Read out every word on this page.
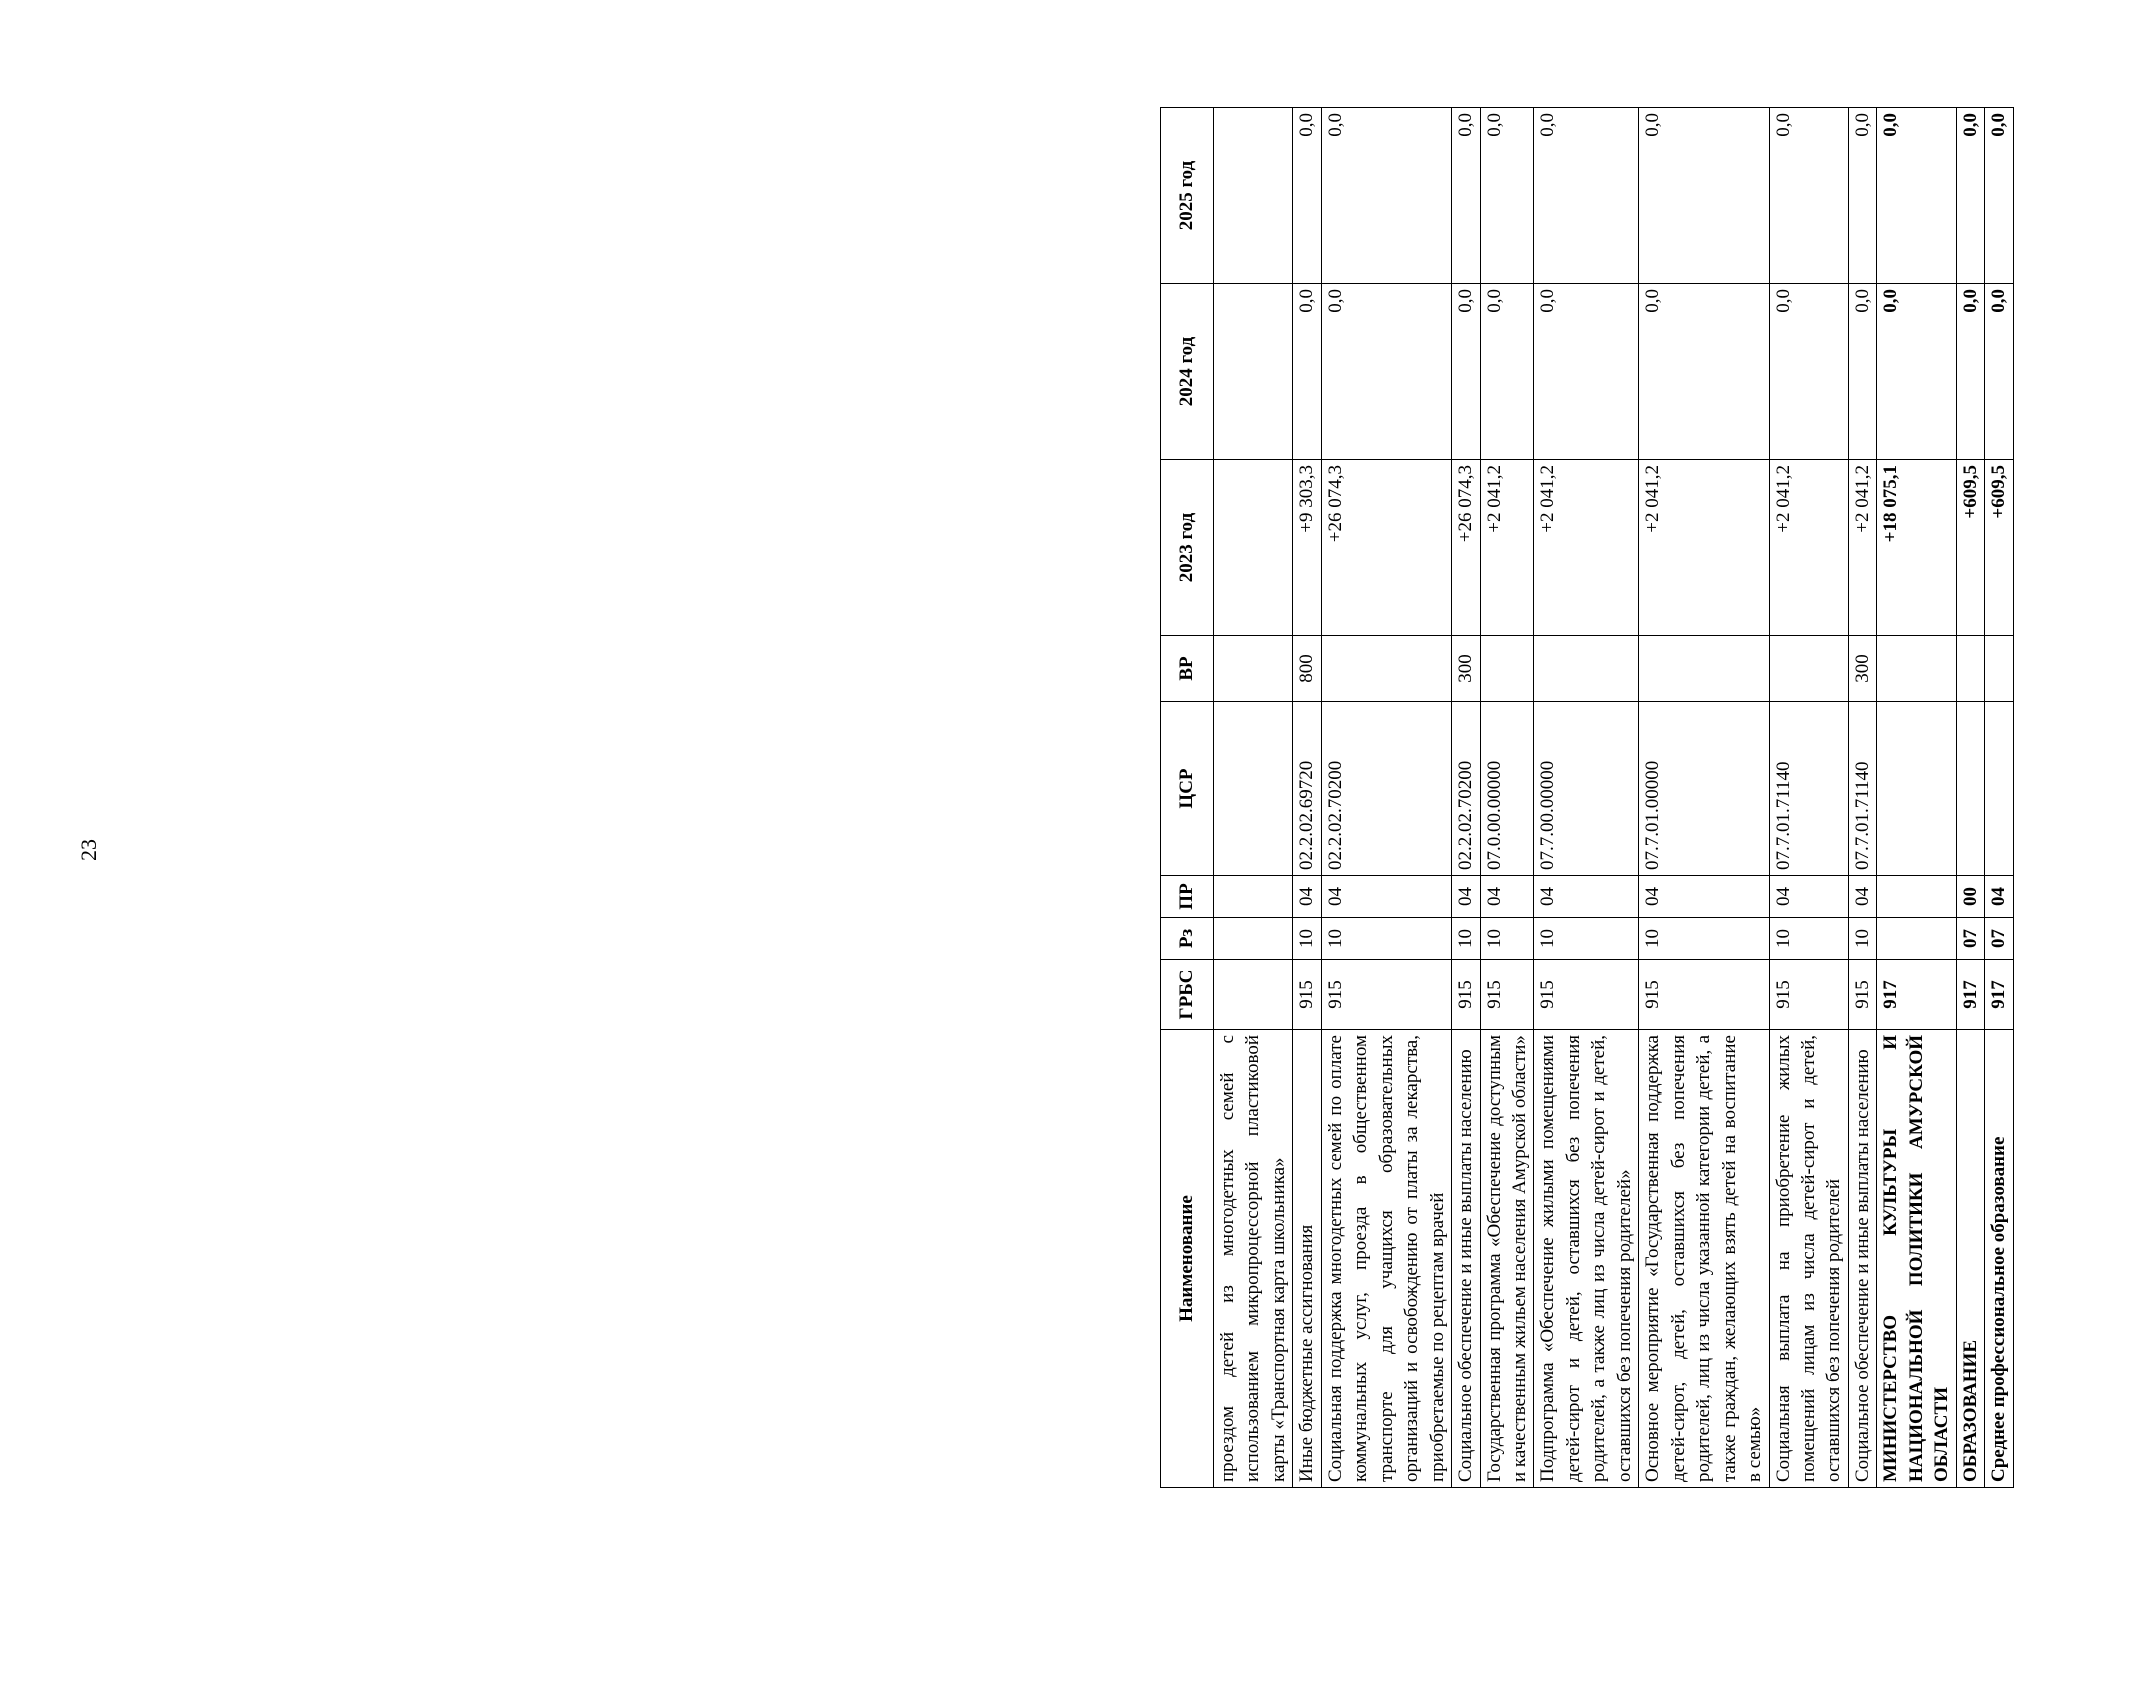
23
Наименование	ГРБС	Рз	ПР	ЦСР	ВР	2023 год	2024 год	2025 год
проездом детей из многодетных семей с использованием микропроцессорной пластиковой карты «Транспортная карта школьника»								
Иные бюджетные ассигнования	915	10	04	02.2.02.69720	800	+9 303,3	0,0	0,0
Социальная поддержка многодетных семей по оплате коммунальных услуг, проезда в общественном транспорте для учащихся образовательных организаций и освобождению от платы за лекарства, приобретаемые по рецептам врачей	915	10	04	02.2.02.70200		+26 074,3	0,0	0,0
Социальное обеспечение и иные выплаты населению	915	10	04	02.2.02.70200	300	+26 074,3	0,0	0,0
Государственная программа «Обеспечение доступным и качественным жильем населения Амурской области»	915	10	04	07.0.00.00000		+2 041,2	0,0	0,0
Подпрограмма «Обеспечение жилыми помещениями детей-сирот и детей, оставшихся без попечения родителей, а также лиц из числа детей-сирот и детей, оставшихся без попечения родителей»	915	10	04	07.7.00.00000		+2 041,2	0,0	0,0
Основное мероприятие «Государственная поддержка детей-сирот, детей, оставшихся без попечения родителей, лиц из числа указанной категории детей, а также граждан, желающих взять детей на воспитание в семью»	915	10	04	07.7.01.00000		+2 041,2	0,0	0,0
Социальная выплата на приобретение жилых помещений лицам из числа детей-сирот и детей, оставшихся без попечения родителей	915	10	04	07.7.01.71140		+2 041,2	0,0	0,0
Социальное обеспечение и иные выплаты населению	915	10	04	07.7.01.71140	300	+2 041,2	0,0	0,0
МИНИСТЕРСТВО КУЛЬТУРЫ И НАЦИОНАЛЬНОЙ ПОЛИТИКИ АМУРСКОЙ ОБЛАСТИ	917					+18 075,1	0,0	0,0
ОБРАЗОВАНИЕ	917	07	00			+609,5	0,0	0,0
Среднее профессиональное образование	917	07	04			+609,5	0,0	0,0
